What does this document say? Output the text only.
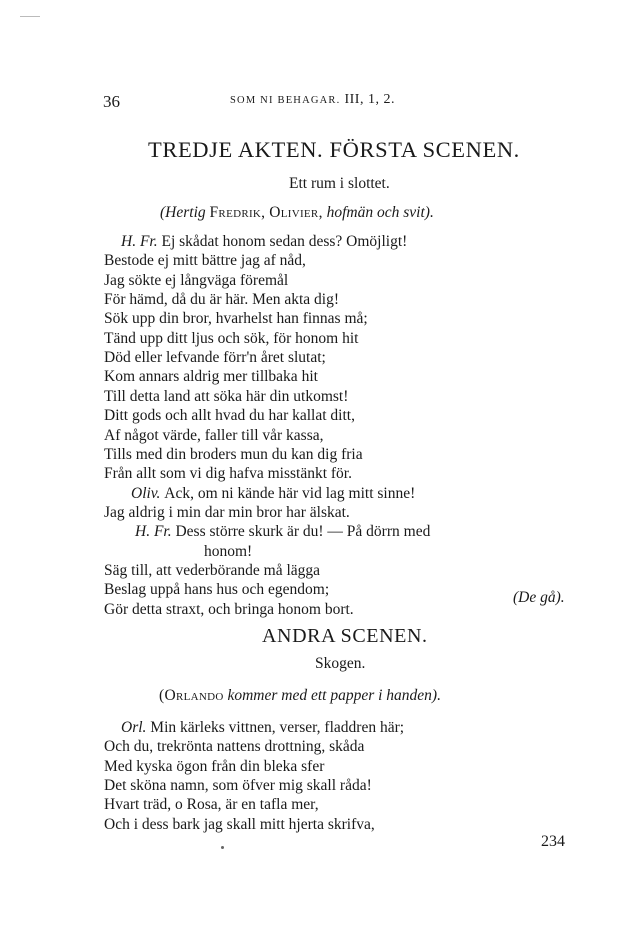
36	SOM NI BEHAGAR. III, 1, 2.
TREDJE AKTEN. FÖRSTA SCENEN.
Ett rum i slottet.
(Hertig Fredrik, Olivier, hofmän och svit).
H. Fr. Ej skådat honom sedan dess? Omöjligt!
Bestode ej mitt bättre jag af nåd,
Jag sökte ej långväga föremål
För hämd, då du är här. Men akta dig!
Sök upp din bror, hvarhelst han finnas må;
Tänd upp ditt ljus och sök, för honom hit
Död eller lefvande förr'n året slutat;
Kom annars aldrig mer tillbaka hit
Till detta land att söka här din utkomst!
Ditt gods och allt hvad du har kallat ditt,
Af något värde, faller till vår kassa,
Tills med din broders mun du kan dig fria
Från allt som vi dig hafva misstänkt för.
Oliv. Ack, om ni kände här vid lag mitt sinne!
Jag aldrig i min dar min bror har älskat.
H. Fr. Dess större skurk är du! — På dörrn med
honom!
Säg till, att vederbörande må lägga
Beslag uppå hans hus och egendom;
Gör detta straxt, och bringa honom bort.
(De gå).
ANDRA SCENEN.
Skogen.
(Orlando kommer med ett papper i handen).
Orl. Min kärleks vittnen, verser, fladdren här;
Och du, trekrönta nattens drottning, skåda
Med kyska ögon från din bleka sfer
Det sköna namn, som öfver mig skall råda!
Hvart träd, o Rosa, är en tafla mer,
Och i dess bark jag skall mitt hjerta skrifva,
234
